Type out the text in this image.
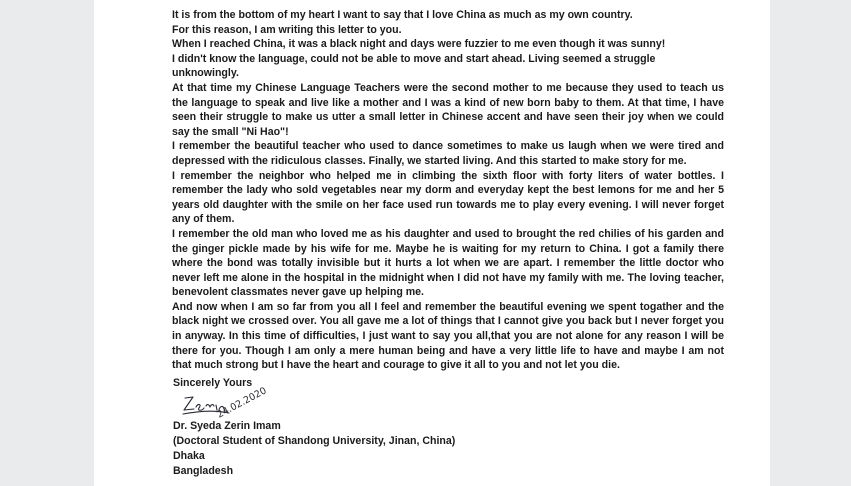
It is from the bottom of my heart I want to say that I love China as much as my own country.

For this reason, I am writing this letter to you.

When I reached China, it was a black night and days were fuzzier to me even though it was sunny!

I didn't know the language, could not be able to move and start ahead. Living seemed a struggle unknowingly.

At that time my Chinese Language Teachers were the second mother to me because they used to teach us the language to speak and live like a mother and I was a kind of new born baby to them. At that time, I have seen their struggle to make us utter a small letter in Chinese accent and have seen their joy when we could say the small "Ni Hao"!

I remember the beautiful teacher who used to dance sometimes to make us laugh when we were tired and depressed with the ridiculous classes. Finally, we started living. And this started to make story for me.

I remember the neighbor who helped me in climbing the sixth floor with forty liters of water bottles. I remember the lady who sold vegetables near my dorm and everyday kept the best lemons for me and her 5 years old daughter with the smile on her face used run towards me to play every evening. I will never forget any of them.

I remember the old man who loved me as his daughter and used to brought the red chilies of his garden and the ginger pickle made by his wife for me. Maybe he is waiting for my return to China. I got a family there where the bond was totally invisible but it hurts a lot when we are apart. I remember the little doctor who never left me alone in the hospital in the midnight when I did not have my family with me. The loving teacher, benevolent classmates never gave up helping me.

And now when I am so far from you all I feel and remember the beautiful evening we spent togather and the black night we crossed over. You all gave me a lot of things that I cannot give you back but I never forget you in anyway. In this time of difficulties, I just want to say you all,that you are not alone for any reason I will be there for you. Though I am only a mere human being and have a very little life to have and maybe I am not that much strong but I have the heart and courage to give it all to you and not let you die.

Sincerely Yours
24.02.2020
Dr. Syeda Zerin Imam
(Doctoral Student of Shandong University, Jinan, China)
Dhaka
Bangladesh
